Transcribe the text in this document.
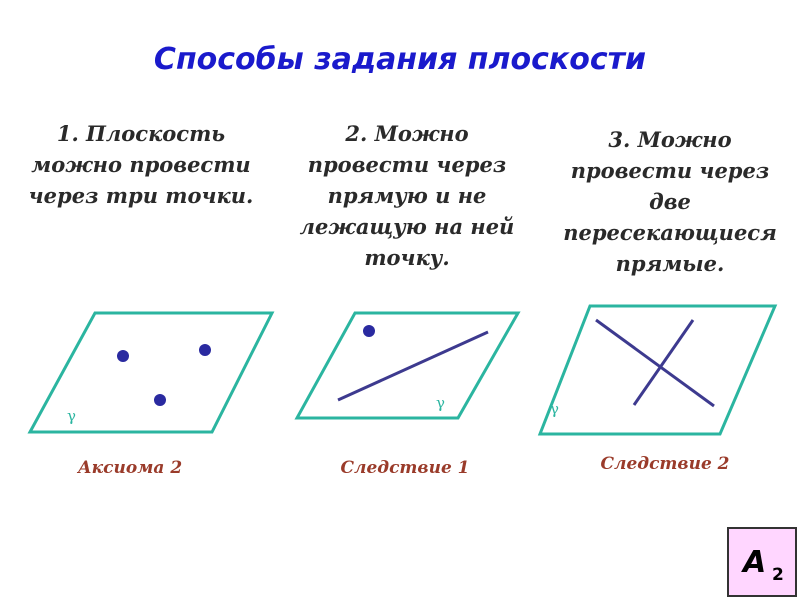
Способы задания плоскости
1. Плоскость
можно провести
через три точки.
2. Можно
провести через
прямую и не
лежащую на ней
точку.
3. Можно
провести через
две
пересекающиеся
прямые.
γ
γ	γ
Аксиома 2	Следствие 1	Следствие 2
А 2
